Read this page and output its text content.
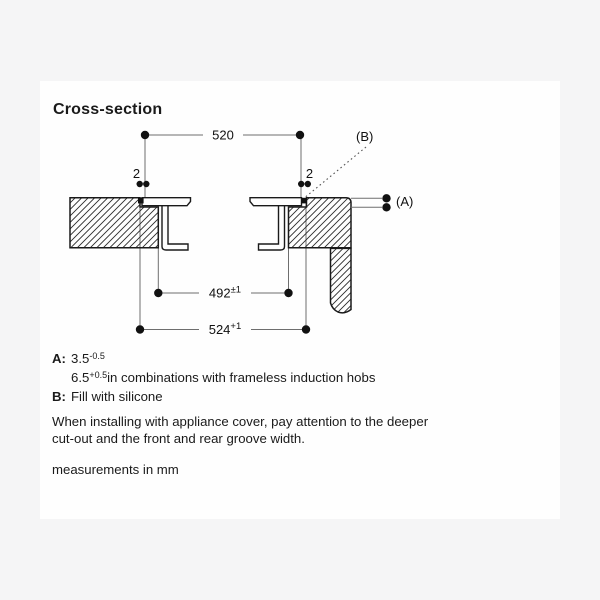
Cross-section
A: $3.5^{-0.5}$
$6.5^{+0.5}in$ combinations with frameless induction hobs
B: Fill with silicone
When installing with appliance cover, pay attention to the deeper
cut-out and the front and rear groove width.
measurements in mm
520
2	2
$492^{\pm 1}$
$524^{+1}$
(A)
(B)
